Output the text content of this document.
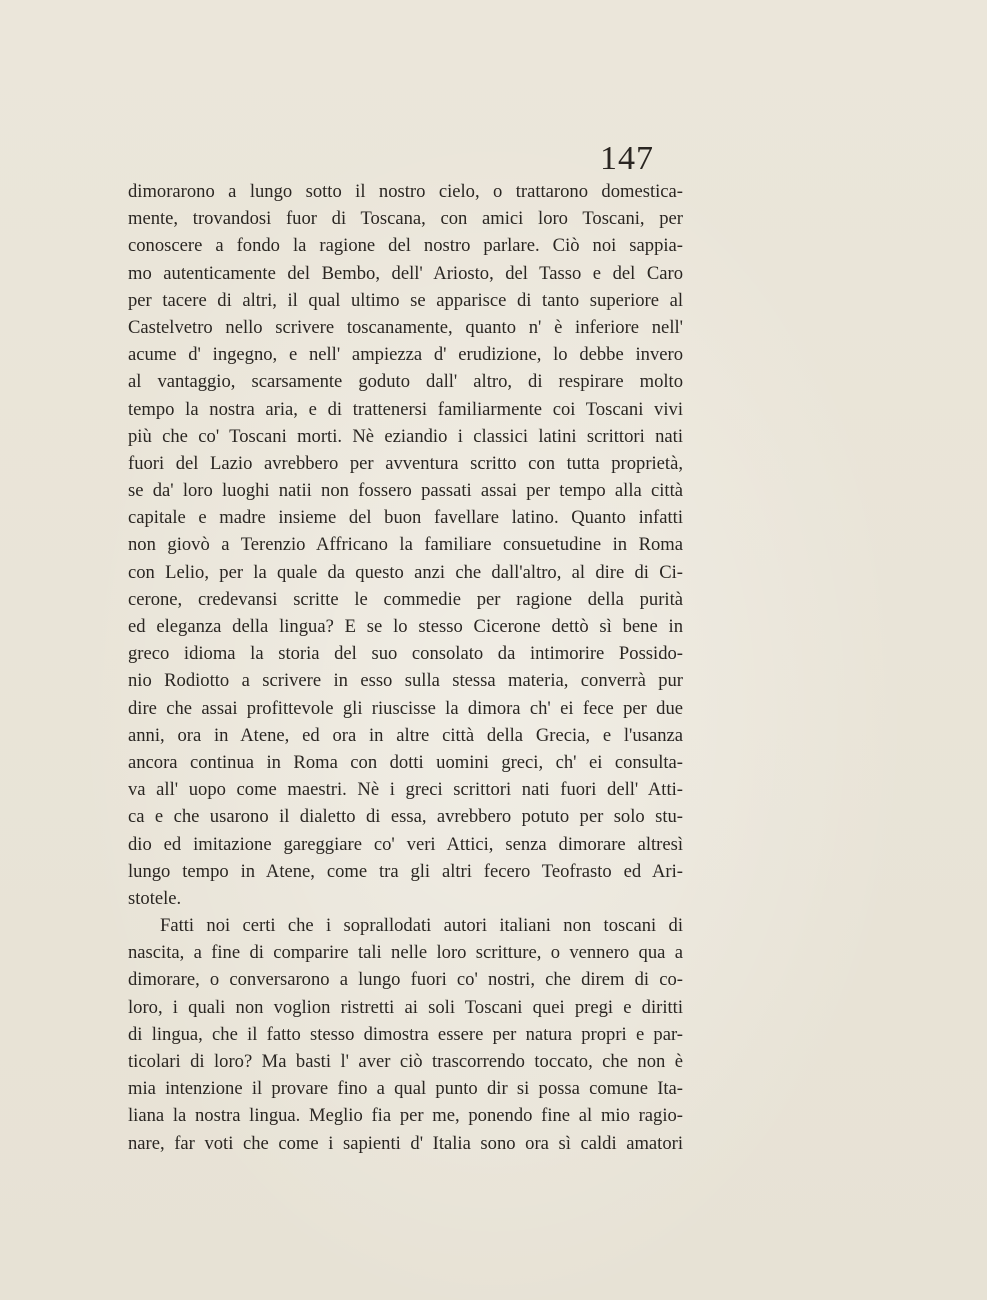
147
dimorarono a lungo sotto il nostro cielo, o trattarono domestica-
mente, trovandosi fuor di Toscana, con amici loro Toscani, per
conoscere a fondo la ragione del nostro parlare. Ciò noi sappia-
mo autenticamente del Bembo, dell' Ariosto, del Tasso e del Caro
per tacere di altri, il qual ultimo se apparisce di tanto superiore al
Castelvetro nello scrivere toscanamente, quanto n' è inferiore nell'
acume d' ingegno, e nell' ampiezza d' erudizione, lo debbe invero
al vantaggio, scarsamente goduto dall' altro, di respirare molto
tempo la nostra aria, e di trattenersi familiarmente coi Toscani vivi
più che co' Toscani morti. Nè eziandio i classici latini scrittori nati
fuori del Lazio avrebbero per avventura scritto con tutta proprietà,
se da' loro luoghi natii non fossero passati assai per tempo alla città
capitale e madre insieme del buon favellare latino. Quanto infatti
non giovò a Terenzio Affricano la familiare consuetudine in Roma
con Lelio, per la quale da questo anzi che dall'altro, al dire di Ci-
cerone, credevansi scritte le commedie per ragione della purità
ed eleganza della lingua? E se lo stesso Cicerone dettò sì bene in
greco idioma la storia del suo consolato da intimorire Possido-
nio Rodiotto a scrivere in esso sulla stessa materia, converrà pur
dire che assai profittevole gli riuscisse la dimora ch' ei fece per due
anni, ora in Atene, ed ora in altre città della Grecia, e l'usanza
ancora continua in Roma con dotti uomini greci, ch' ei consulta-
va all' uopo come maestri. Nè i greci scrittori nati fuori dell' Atti-
ca e che usarono il dialetto di essa, avrebbero potuto per solo stu-
dio ed imitazione gareggiare co' veri Attici, senza dimorare altresì
lungo tempo in Atene, come tra gli altri fecero Teofrasto ed Ari-
stotele.
Fatti noi certi che i soprallodati autori italiani non toscani di
nascita, a fine di comparire tali nelle loro scritture, o vennero qua a
dimorare, o conversarono a lungo fuori co' nostri, che direm di co-
loro, i quali non voglion ristretti ai soli Toscani quei pregi e diritti
di lingua, che il fatto stesso dimostra essere per natura propri e par-
ticolari di loro? Ma basti l' aver ciò trascorrendo toccato, che non è
mia intenzione il provare fino a qual punto dir si possa comune Ita-
liana la nostra lingua. Meglio fia per me, ponendo fine al mio ragio-
nare, far voti che come i sapienti d' Italia sono ora sì caldi amatori
